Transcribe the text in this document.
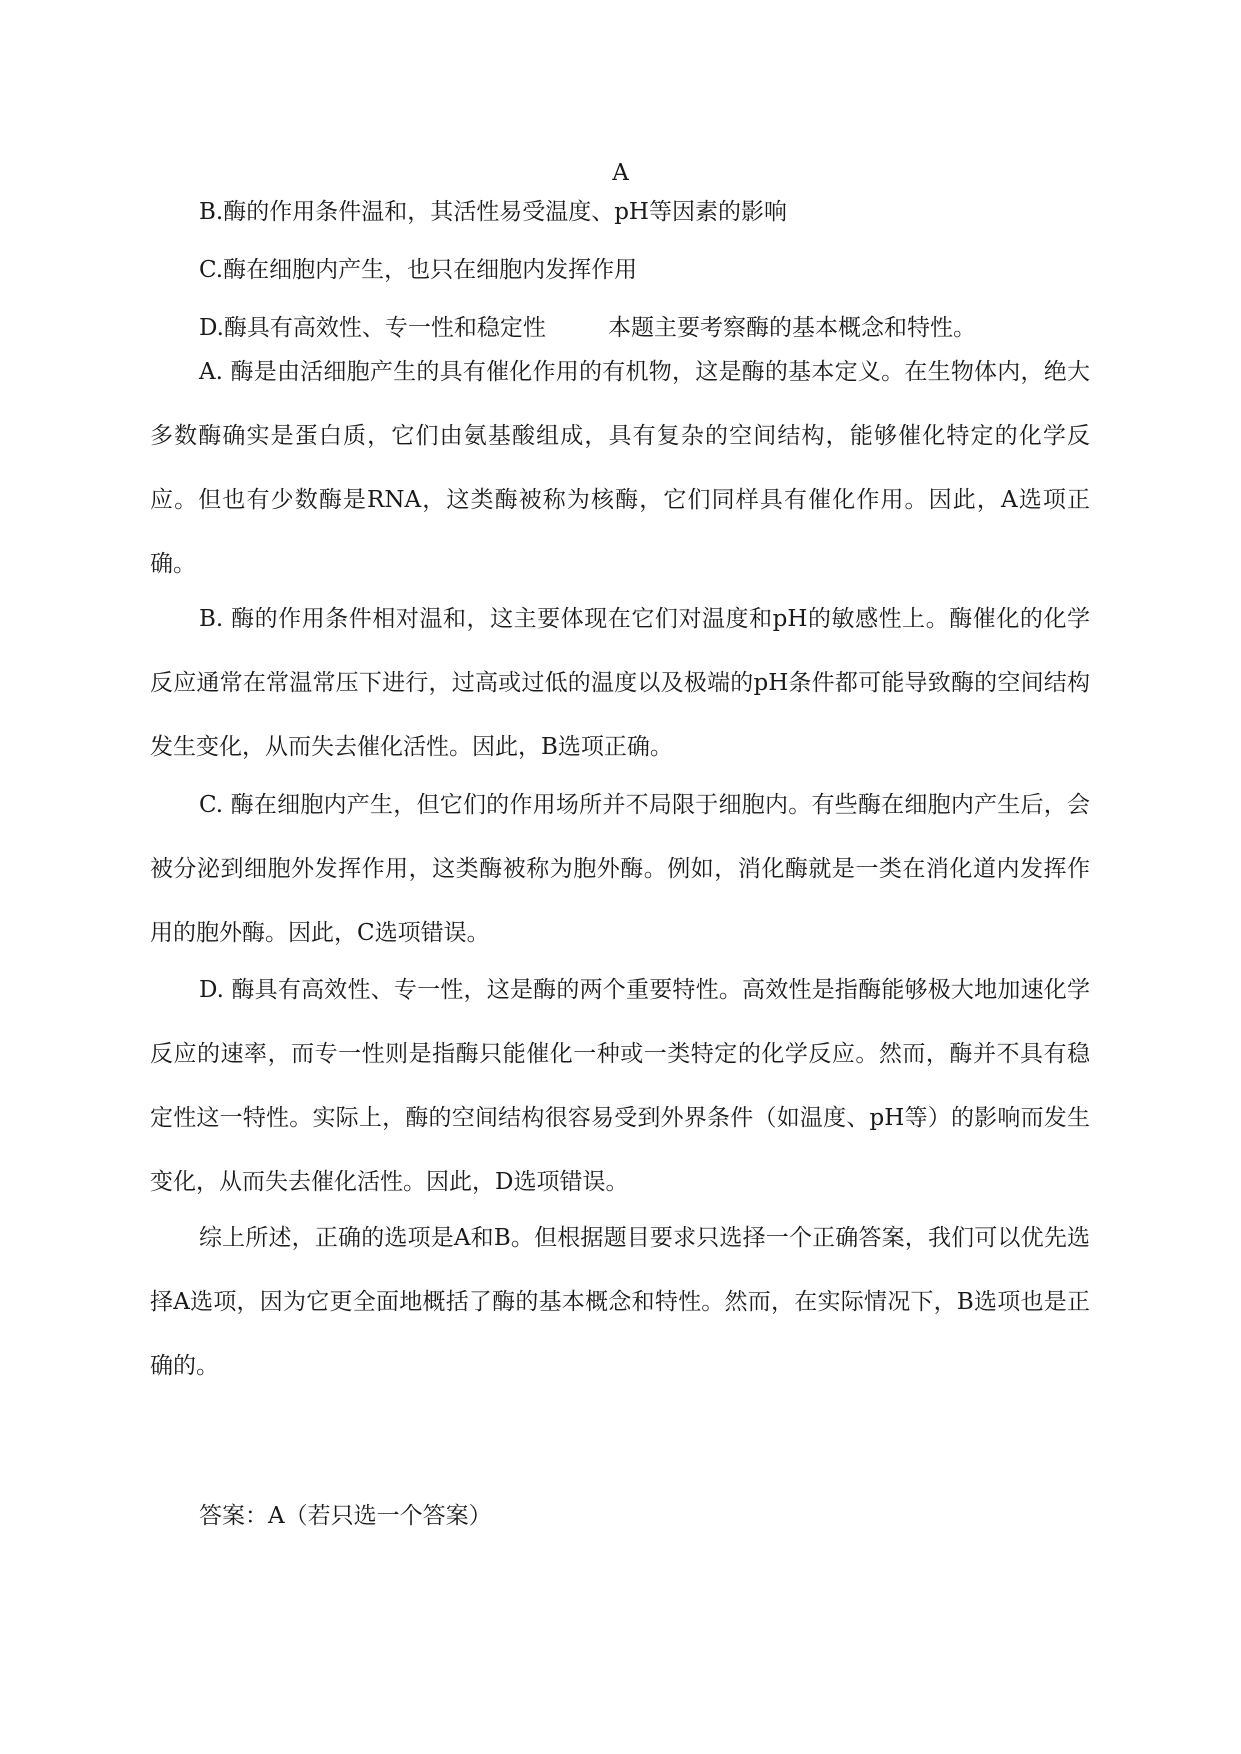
A
B.酶的作用条件温和，其活性易受温度、pH等因素的影响
C.酶在细胞内产生，也只在细胞内发挥作用
D.酶具有高效性、专一性和稳定性	本题主要考察酶的基本概念和特性。
A. 酶是由活细胞产生的具有催化作用的有机物，这是酶的基本定义。在生物体内，绝大多数酶确实是蛋白质，它们由氨基酸组成，具有复杂的空间结构，能够催化特定的化学反应。但也有少数酶是RNA，这类酶被称为核酶，它们同样具有催化作用。因此，A选项正确。
B. 酶的作用条件相对温和，这主要体现在它们对温度和pH的敏感性上。酶催化的化学反应通常在常温常压下进行，过高或过低的温度以及极端的pH条件都可能导致酶的空间结构发生变化，从而失去催化活性。因此，B选项正确。
C. 酶在细胞内产生，但它们的作用场所并不局限于细胞内。有些酶在细胞内产生后，会被分泌到细胞外发挥作用，这类酶被称为胞外酶。例如，消化酶就是一类在消化道内发挥作用的胞外酶。因此，C选项错误。
D. 酶具有高效性、专一性，这是酶的两个重要特性。高效性是指酶能够极大地加速化学反应的速率，而专一性则是指酶只能催化一种或一类特定的化学反应。然而，酶并不具有稳定性这一特性。实际上，酶的空间结构很容易受到外界条件（如温度、pH等）的影响而发生变化，从而失去催化活性。因此，D选项错误。
综上所述，正确的选项是A和B。但根据题目要求只选择一个正确答案，我们可以优先选择A选项，因为它更全面地概括了酶的基本概念和特性。然而，在实际情况下，B选项也是正确的。
答案：A（若只选一个答案）
